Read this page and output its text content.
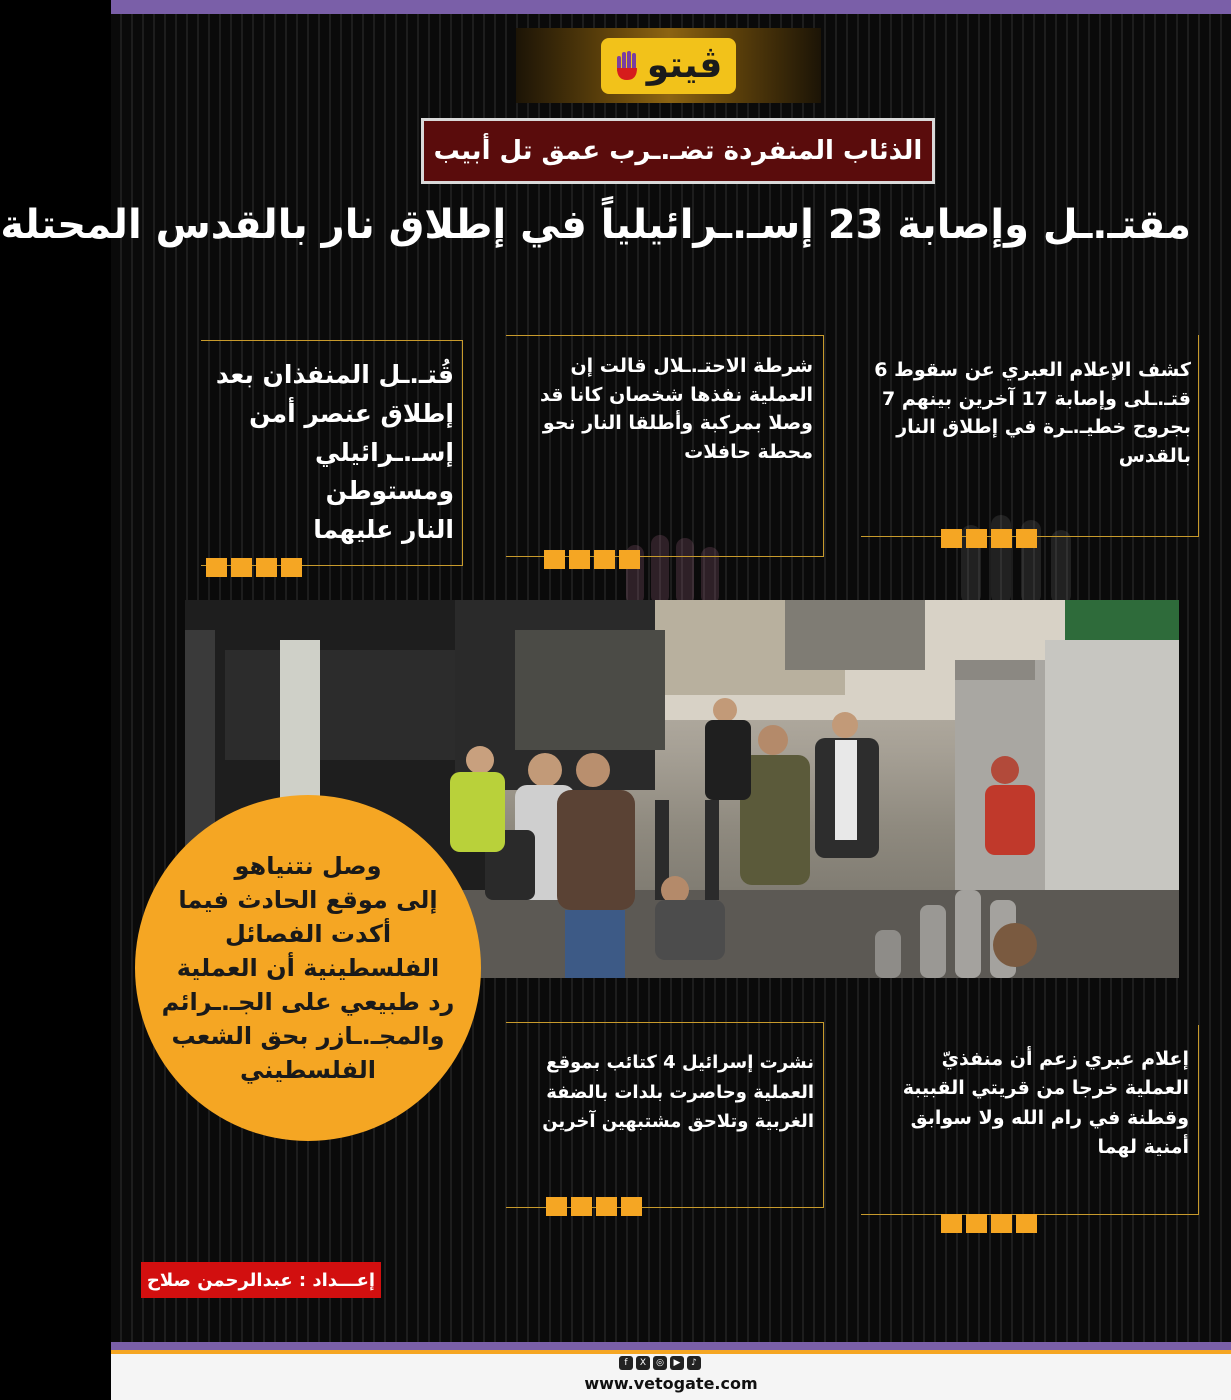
ڤيتو
الذئاب المنفردة تضـ.ـرب عمق تل أبيب
مقتـ.ـل وإصابة 23 إسـ.ـرائيلياً في إطلاق نار بالقدس المحتلة

كشف الإعلام العبري عن سقوط 6

قتـ.ـلى وإصابة 17 آخرين بينهم 7

بجروح خطيـ.ـرة في إطلاق النار

بالقدس

شرطة الاحتـ.ـلال قالت إن

العملية نفذها شخصان كانا قد

وصلا بمركبة وأطلقا النار نحو

محطة حافلات

قُتـ.ـل المنفذان بعد

إطلاق عنصر أمن

إسـ.ـرائيلي ومستوطن

النار عليهما

وصل نتنياهو

إلى موقع الحادث فيما

أكدت الفصائل

الفلسطينية أن العملية

رد طبيعي على الجـ.ـرائم

والمجـ.ـازر بحق الشعب

الفلسطيني	نشرت إسرائيل 4 كتائب بموقع

العملية وحاصرت بلدات بالضفة

الغربية وتلاحق مشتبهين آخرين

إعلام عبري زعم أن منفذيّ

العملية خرجا من قريتي القبيبة

وقطنة في رام الله ولا سوابق

أمنية لهما

إعـــداد : عبدالرحمن صلاح
f	X	◎	▶	♪
www.vetogate.com
